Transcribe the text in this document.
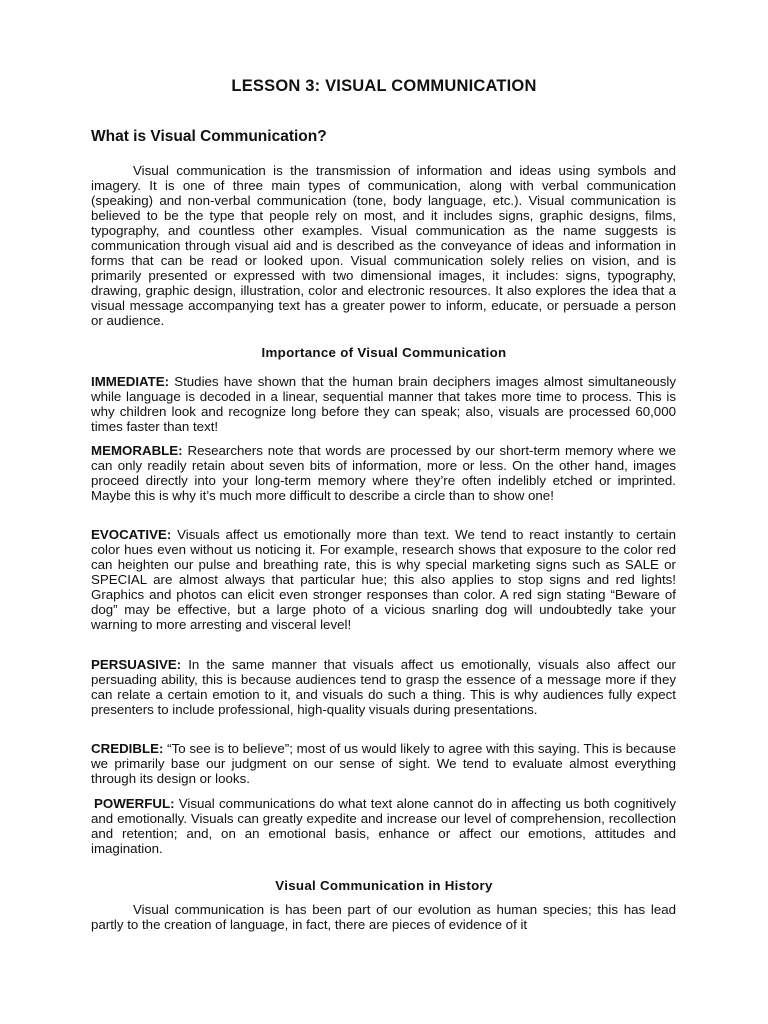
LESSON 3: VISUAL COMMUNICATION
What is Visual Communication?
Visual communication is the transmission of information and ideas using symbols and imagery. It is one of three main types of communication, along with verbal communication (speaking) and non-verbal communication (tone, body language, etc.). Visual communication is believed to be the type that people rely on most, and it includes signs, graphic designs, films, typography, and countless other examples. Visual communication as the name suggests is communication through visual aid and is described as the conveyance of ideas and information in forms that can be read or looked upon. Visual communication solely relies on vision, and is primarily presented or expressed with two dimensional images, it includes: signs, typography, drawing, graphic design, illustration, color and electronic resources. It also explores the idea that a visual message accompanying text has a greater power to inform, educate, or persuade a person or audience.
Importance of Visual Communication
IMMEDIATE: Studies have shown that the human brain deciphers images almost simultaneously while language is decoded in a linear, sequential manner that takes more time to process. This is why children look and recognize long before they can speak; also, visuals are processed 60,000 times faster than text!
MEMORABLE: Researchers note that words are processed by our short-term memory where we can only readily retain about seven bits of information, more or less. On the other hand, images proceed directly into your long-term memory where they’re often indelibly etched or imprinted. Maybe this is why it’s much more difficult to describe a circle than to show one!
EVOCATIVE: Visuals affect us emotionally more than text. We tend to react instantly to certain color hues even without us noticing it. For example, research shows that exposure to the color red can heighten our pulse and breathing rate, this is why special marketing signs such as SALE or SPECIAL are almost always that particular hue; this also applies to stop signs and red lights! Graphics and photos can elicit even stronger responses than color. A red sign stating “Beware of dog” may be effective, but a large photo of a vicious snarling dog will undoubtedly take your warning to more arresting and visceral level!
PERSUASIVE: In the same manner that visuals affect us emotionally, visuals also affect our persuading ability, this is because audiences tend to grasp the essence of a message more if they can relate a certain emotion to it, and visuals do such a thing. This is why audiences fully expect presenters to include professional, high-quality visuals during presentations.
CREDIBLE: “To see is to believe”; most of us would likely to agree with this saying. This is because we primarily base our judgment on our sense of sight. We tend to evaluate almost everything through its design or looks.
POWERFUL: Visual communications do what text alone cannot do in affecting us both cognitively and emotionally. Visuals can greatly expedite and increase our level of comprehension, recollection and retention; and, on an emotional basis, enhance or affect our emotions, attitudes and imagination.
Visual Communication in History
Visual communication is has been part of our evolution as human species; this has lead partly to the creation of language, in fact, there are pieces of evidence of it
